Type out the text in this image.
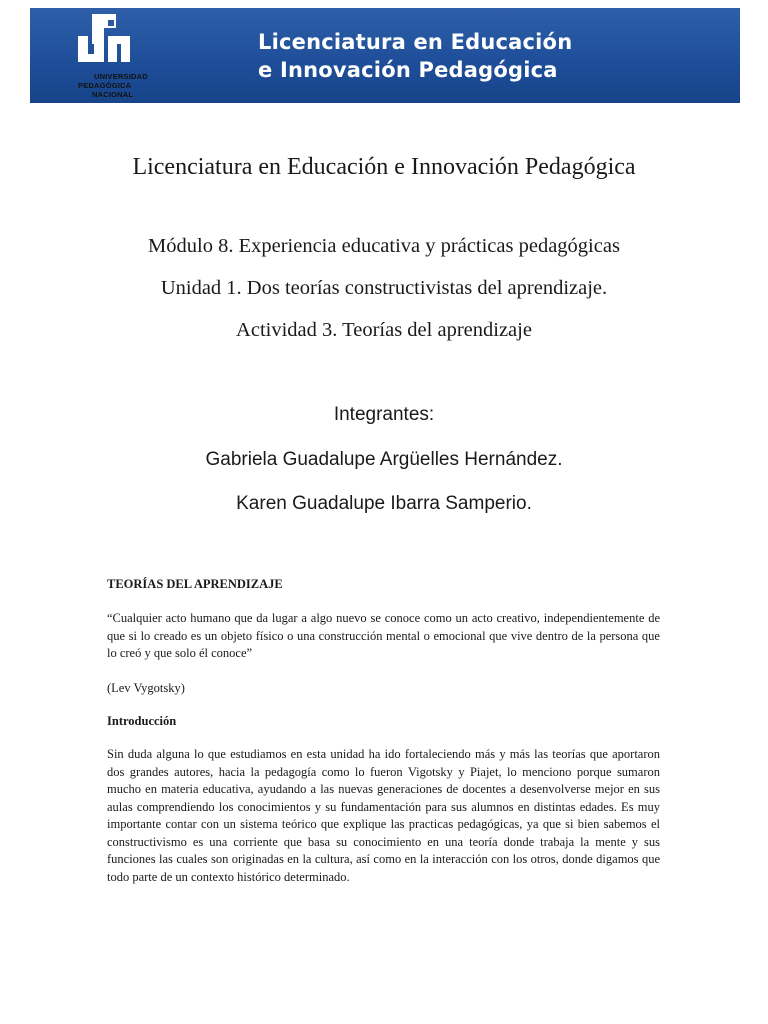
UNIVERSIDAD
PEDAGÓGICA
NACIONAL
Licenciatura en Educación
e Innovación Pedagógica
Licenciatura en Educación e Innovación Pedagógica
Módulo 8. Experiencia educativa y prácticas pedagógicas
Unidad 1. Dos teorías constructivistas del aprendizaje.
Actividad 3. Teorías del aprendizaje
Integrantes:
Gabriela Guadalupe Argüelles Hernández.
Karen Guadalupe Ibarra Samperio.
TEORÍAS DEL APRENDIZAJE
“Cualquier acto humano que da lugar a algo nuevo se conoce como un acto creativo, independientemente de que si lo creado es un objeto físico o una construcción mental o emocional que vive dentro de la persona que lo creó y que solo él conoce”
(Lev Vygotsky)
Introducción
Sin duda alguna lo que estudiamos en esta unidad ha ido fortaleciendo más y más las teorías que aportaron dos grandes autores, hacia la pedagogía como lo fueron Vigotsky y Piajet, lo menciono porque sumaron mucho en materia educativa, ayudando a las nuevas generaciones de docentes a desenvolverse mejor en sus aulas comprendiendo los conocimientos y su fundamentación para sus alumnos en distintas edades. Es muy importante contar con un sistema teórico que explique las practicas pedagógicas, ya que si bien sabemos el constructivismo es una corriente que basa su conocimiento en una teoría donde trabaja la mente y sus funciones las cuales son originadas en la cultura, así como en la interacción con los otros, donde digamos que todo parte de un contexto histórico determinado.
